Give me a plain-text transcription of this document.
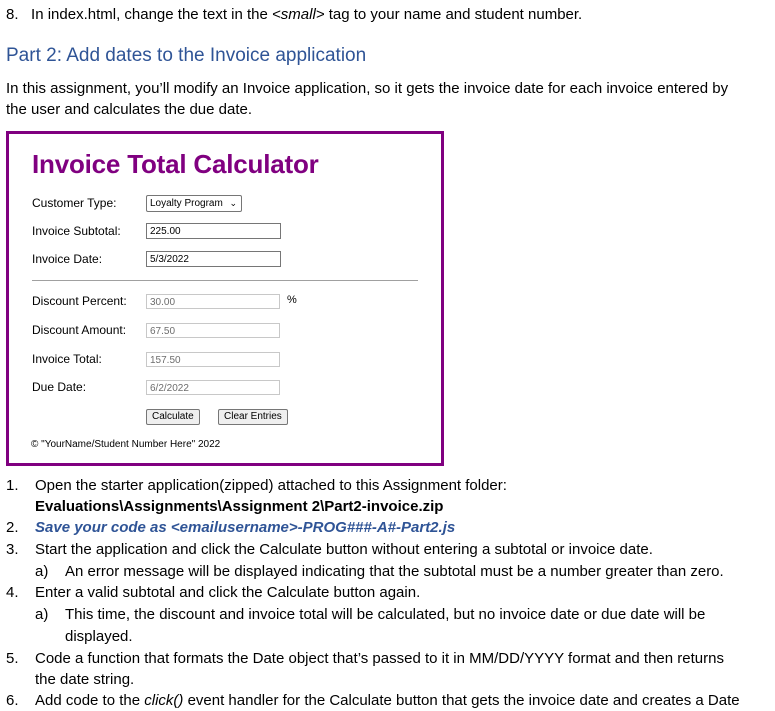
8. In index.html, change the text in the <small> tag to your name and student number.
Part 2: Add dates to the Invoice application
In this assignment, you’ll modify an Invoice application, so it gets the invoice date for each invoice entered by
the user and calculates the due date.
Invoice Total Calculator
Customer Type:	Loyalty Program ⌄
Invoice Subtotal:	225.00
Invoice Date:	5/3/2022
Discount Percent:	30.00	%
Discount Amount:	67.50
Invoice Total:	157.50
Due Date:	6/2/2022
Calculate	Clear Entries
© "YourName/Student Number Here" 2022
1. Open the starter application(zipped) attached to this Assignment folder:
Evaluations\Assignments\Assignment 2\Part2-invoice.zip
2. Save your code as <emailusername>-PROG###-A#-Part2.js
3. Start the application and click the Calculate button without entering a subtotal or invoice date.
a) An error message will be displayed indicating that the subtotal must be a number greater than zero.
4. Enter a valid subtotal and click the Calculate button again.
a) This time, the discount and invoice total will be calculated, but no invoice date or due date will be
displayed.
5. Code a function that formats the Date object that’s passed to it in MM/DD/YYYY format and then returns
the date string.
6. Add code to the click() event handler for the Calculate button that gets the invoice date and creates a Date
